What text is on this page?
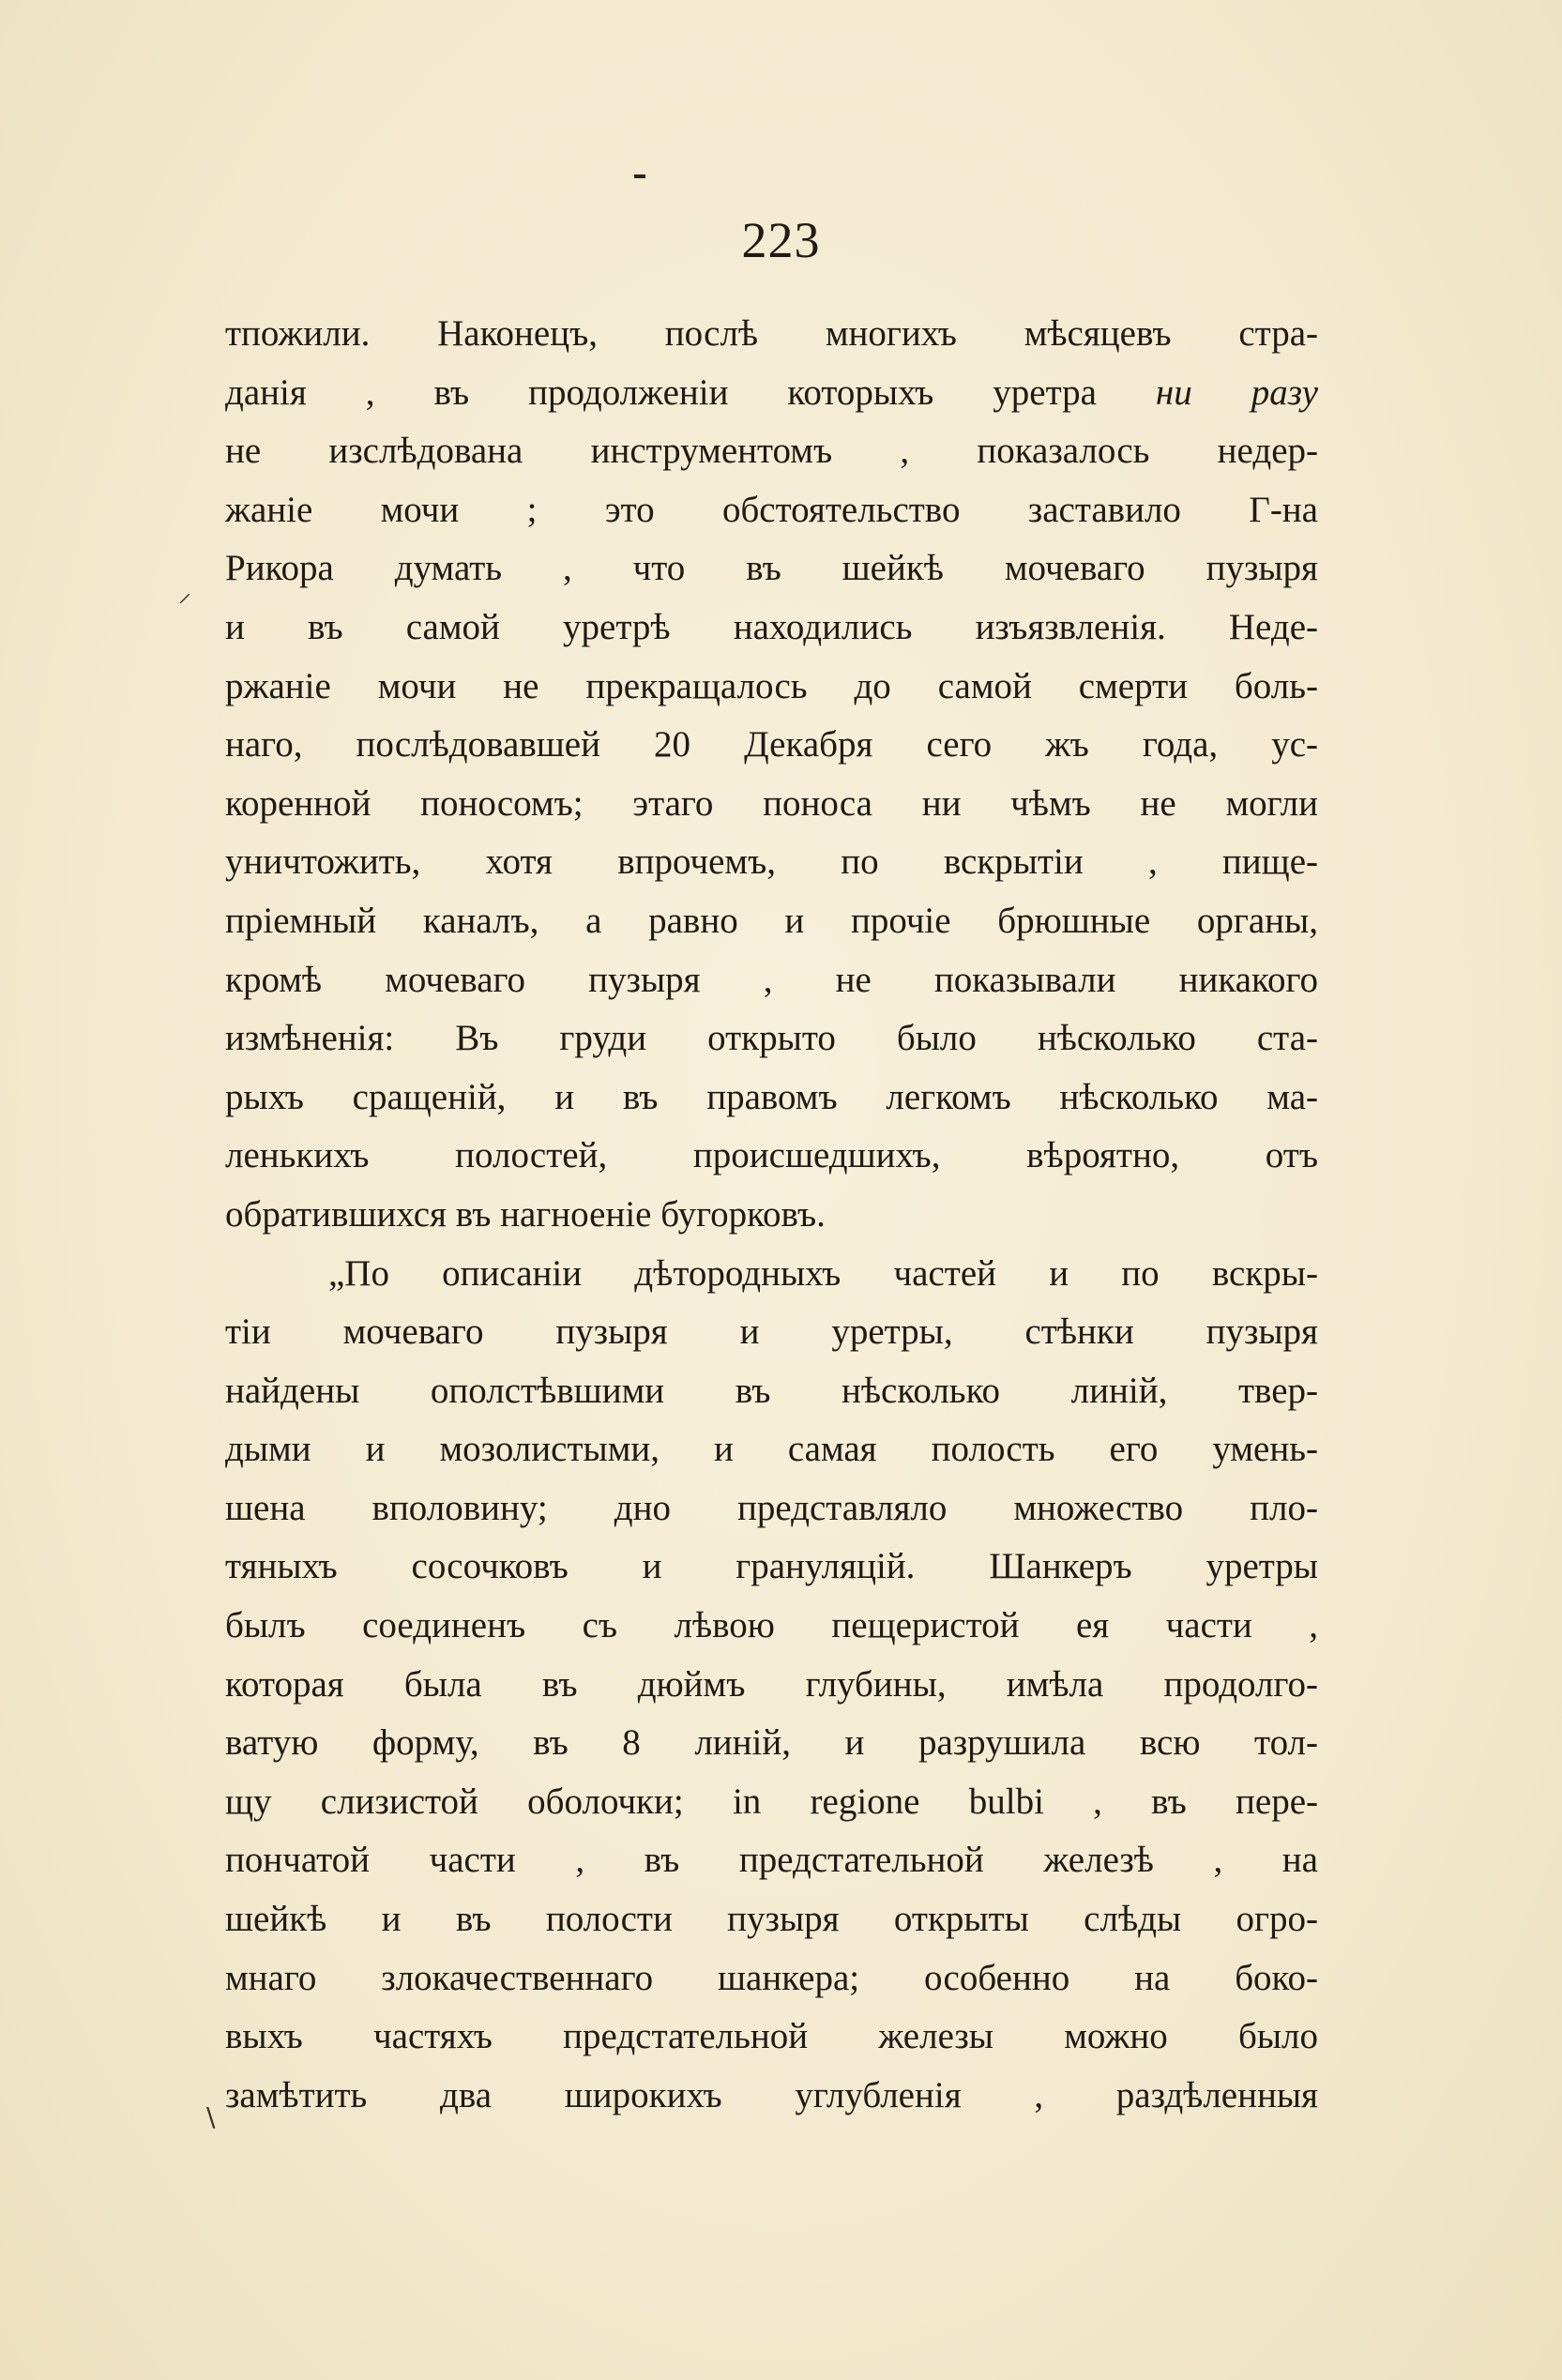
223
⸝
\
тпожили. Наконецъ, послѣ многихъ мѣсяцевъ стра-
данія , въ продолженіи которыхъ уретра ни разу
не изслѣдована инструментомъ , показалось недер-
жаніе мочи ; это обстоятельство заставило Г-на
Рикора думать , что въ шейкѣ мочеваго пузыря
и въ самой уретрѣ находились изъязвленія. Неде-
ржаніе мочи не прекращалось до самой смерти боль-
наго, послѣдовавшей 20 Декабря сего жъ года, ус-
коренной поносомъ; этаго поноса ни чѣмъ не могли
уничтожить, хотя впрочемъ, по вскрытіи , пище-
пріемный каналъ, а равно и прочіе брюшные органы,
кромѣ мочеваго пузыря , не показывали никакого
измѣненія: Въ груди открыто было нѣсколько ста-
рыхъ сращеній, и въ правомъ легкомъ нѣсколько ма-
ленькихъ полостей, происшедшихъ, вѣроятно, отъ
обратившихся въ нагноеніе бугорковъ.
„По описаніи дѣтородныхъ частей и по вскры-
тіи мочеваго пузыря и уретры, стѣнки пузыря
найдены ополстѣвшими въ нѣсколько линій, твер-
дыми и мозолистыми, и самая полость его умень-
шена вполовину; дно представляло множество пло-
тяныхъ сосочковъ и грануляцій. Шанкеръ уретры
былъ соединенъ съ лѣвою пещеристой ея части ,
которая была въ дюймъ глубины, имѣла продолго-
ватую форму, въ 8 линій, и разрушила всю тол-
щу слизистой оболочки; in regione bulbi , въ пере-
пончатой части , въ предстательной железѣ , на
шейкѣ и въ полости пузыря открыты слѣды огро-
мнаго злокачественнаго шанкера; особенно на боко-
выхъ частяхъ предстательной железы можно было
замѣтить два широкихъ углубленія , раздѣленныя
